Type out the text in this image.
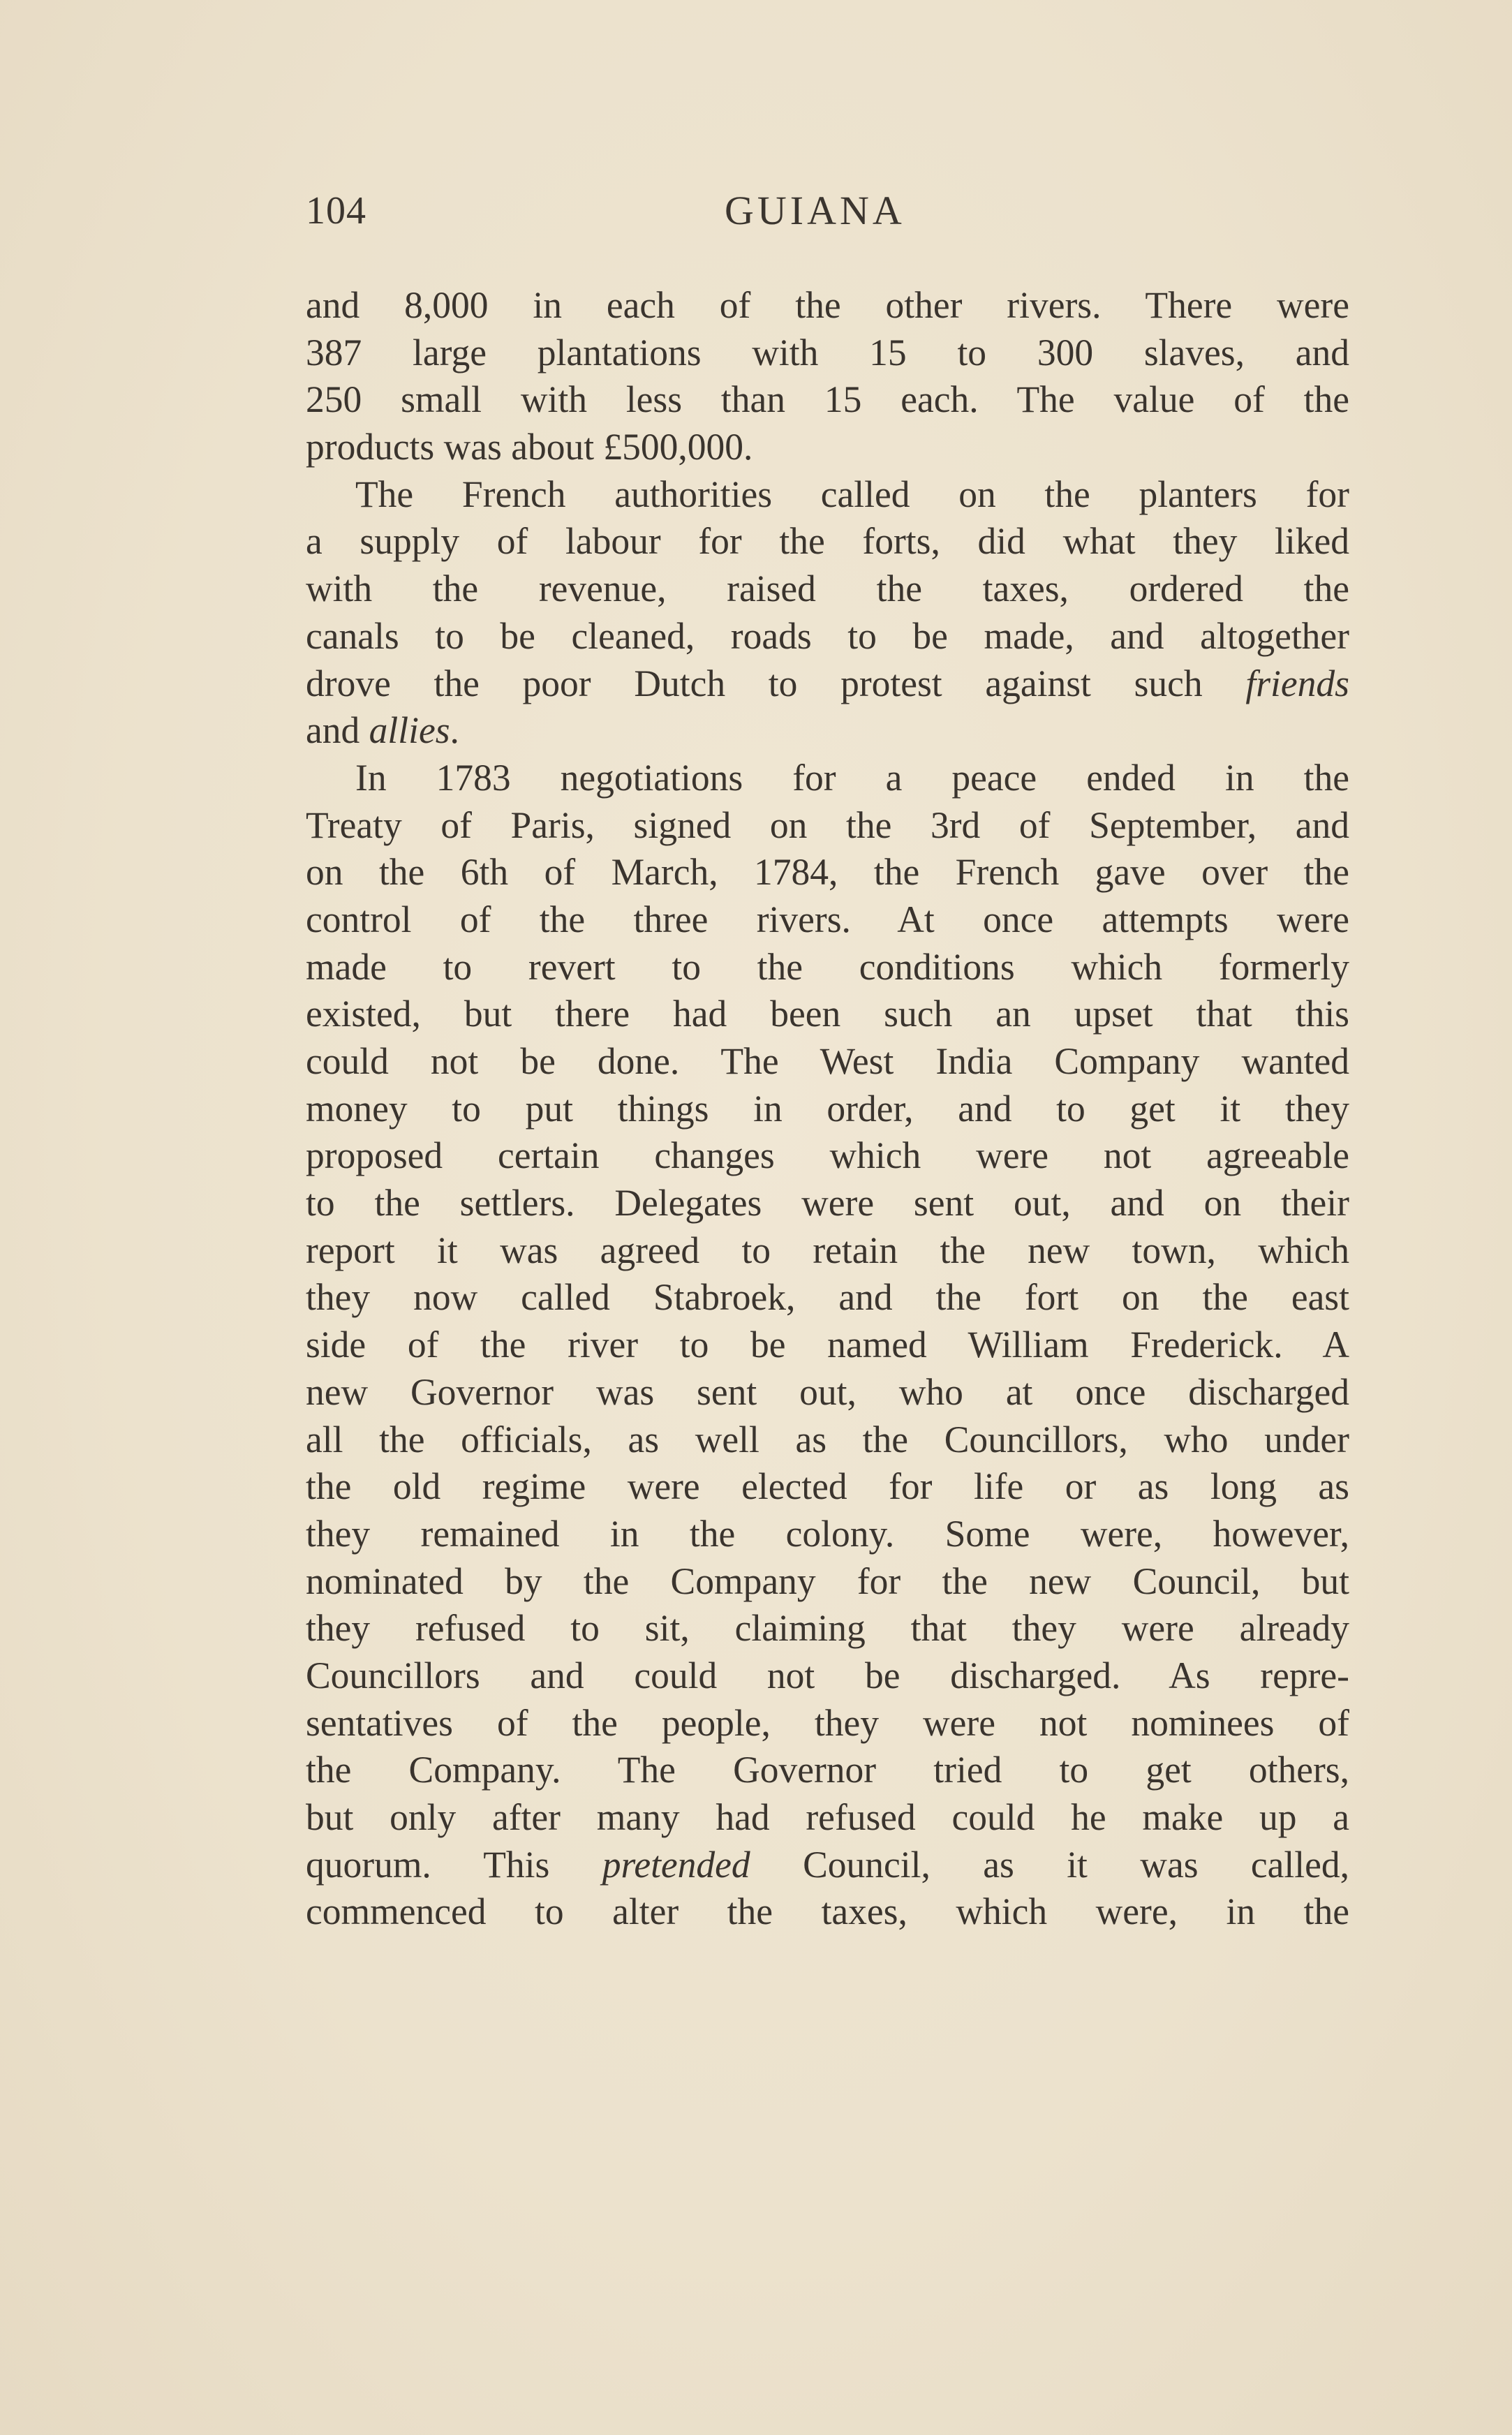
104	GUIANA
and 8,000 in each of the other rivers. There were
387 large plantations with 15 to 300 slaves, and
250 small with less than 15 each. The value of the
products was about £500,000.
The French authorities called on the planters for
a supply of labour for the forts, did what they liked
with the revenue, raised the taxes, ordered the
canals to be cleaned, roads to be made, and altogether
drove the poor Dutch to protest against such friends
and allies.
In 1783 negotiations for a peace ended in the
Treaty of Paris, signed on the 3rd of September, and
on the 6th of March, 1784, the French gave over the
control of the three rivers. At once attempts were
made to revert to the conditions which formerly
existed, but there had been such an upset that this
could not be done. The West India Company wanted
money to put things in order, and to get it they
proposed certain changes which were not agreeable
to the settlers. Delegates were sent out, and on their
report it was agreed to retain the new town, which
they now called Stabroek, and the fort on the east
side of the river to be named William Frederick. A
new Governor was sent out, who at once discharged
all the officials, as well as the Councillors, who under
the old regime were elected for life or as long as
they remained in the colony. Some were, however,
nominated by the Company for the new Council, but
they refused to sit, claiming that they were already
Councillors and could not be discharged. As repre-
sentatives of the people, they were not nominees of
the Company. The Governor tried to get others,
but only after many had refused could he make up a
quorum. This pretended Council, as it was called,
commenced to alter the taxes, which were, in the
